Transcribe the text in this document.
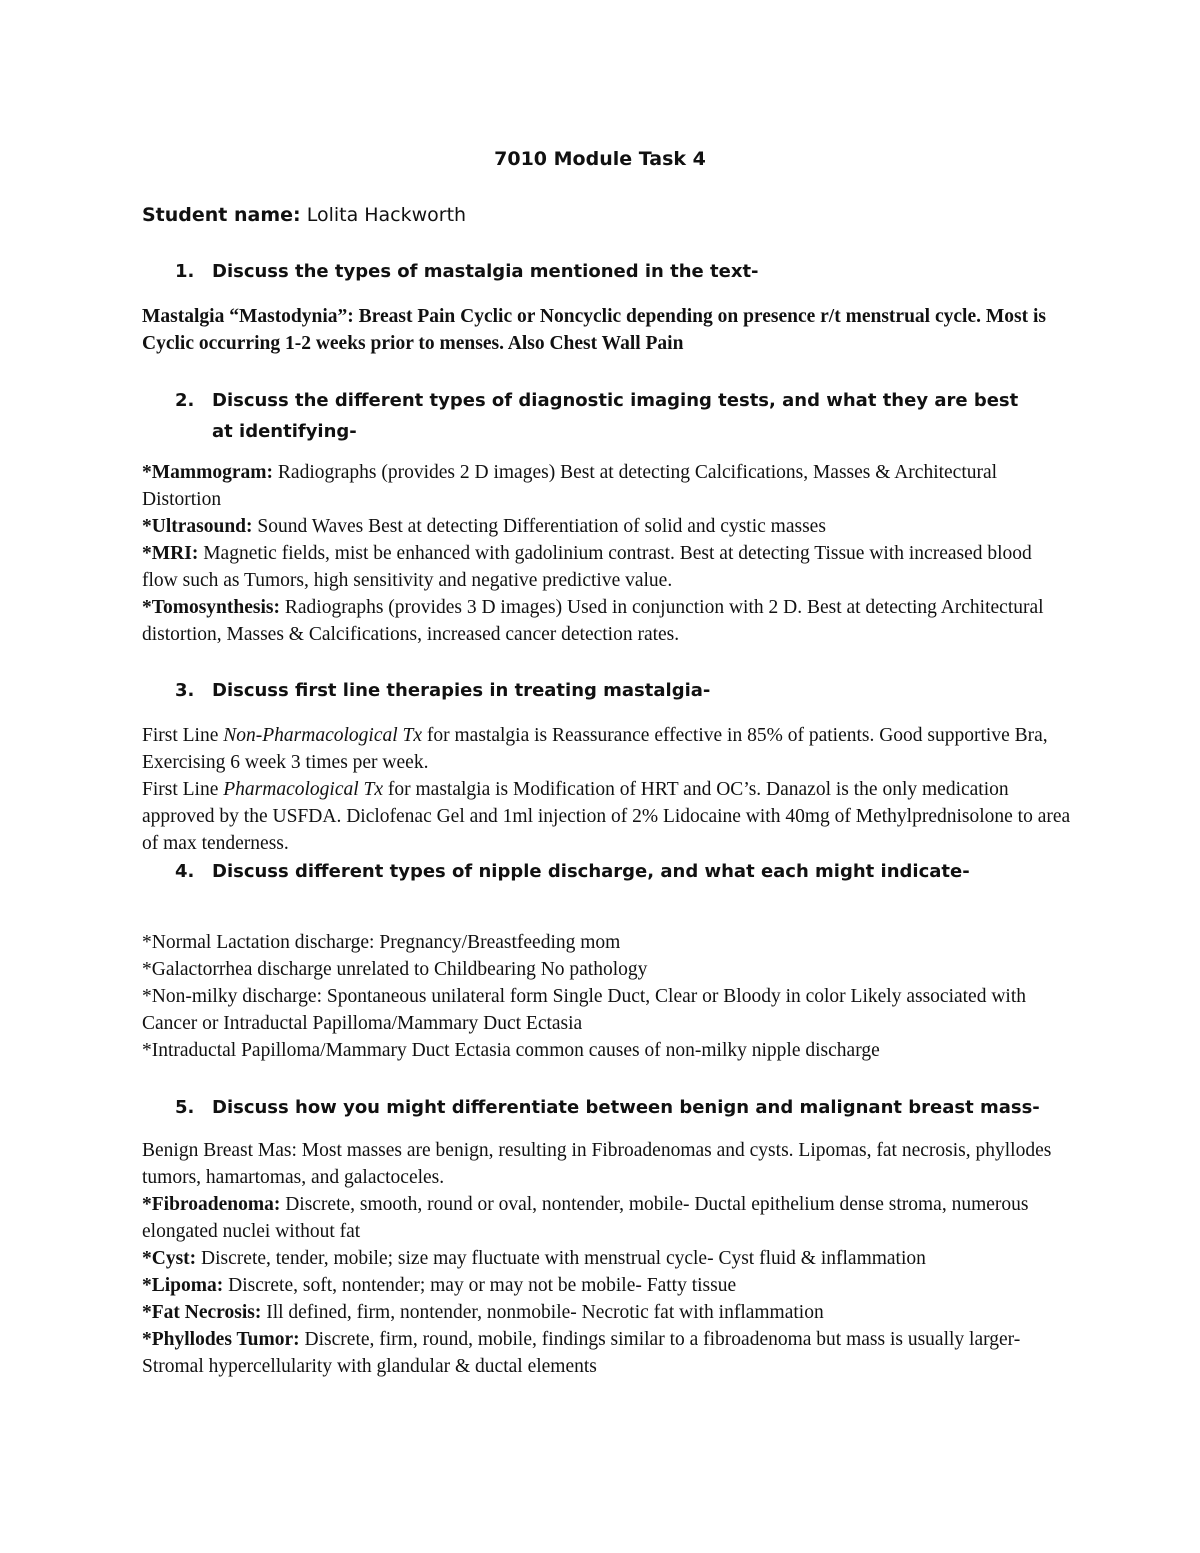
7010 Module Task 4
Student name: Lolita Hackworth
1. Discuss the types of mastalgia mentioned in the text-
Mastalgia “Mastodynia”: Breast Pain Cyclic or Noncyclic depending on presence r/t menstrual cycle. Most is Cyclic occurring 1-2 weeks prior to menses. Also Chest Wall Pain
2. Discuss the different types of diagnostic imaging tests, and what they are best at identifying-

*Mammogram: Radiographs (provides 2 D images) Best at detecting Calcifications, Masses & Architectural Distortion

*Ultrasound: Sound Waves Best at detecting Differentiation of solid and cystic masses

*MRI: Magnetic fields, mist be enhanced with gadolinium contrast. Best at detecting Tissue with increased blood flow such as Tumors, high sensitivity and negative predictive value.

*Tomosynthesis: Radiographs (provides 3 D images) Used in conjunction with 2 D. Best at detecting Architectural distortion, Masses & Calcifications, increased cancer detection rates.

3. Discuss first line therapies in treating mastalgia-

First Line Non-Pharmacological Tx for mastalgia is Reassurance effective in 85% of patients. Good supportive Bra, Exercising 6 week 3 times per week.

First Line Pharmacological Tx for mastalgia is Modification of HRT and OC’s. Danazol is the only medication approved by the USFDA. Diclofenac Gel and 1ml injection of 2% Lidocaine with 40mg of Methylprednisolone to area of max tenderness.

4. Discuss different types of nipple discharge, and what each might indicate-

*Normal Lactation discharge: Pregnancy/Breastfeeding mom

*Galactorrhea discharge unrelated to Childbearing No pathology

*Non-milky discharge: Spontaneous unilateral form Single Duct, Clear or Bloody in color Likely associated with Cancer or Intraductal Papilloma/Mammary Duct Ectasia

*Intraductal Papilloma/Mammary Duct Ectasia common causes of non-milky nipple discharge

5. Discuss how you might differentiate between benign and malignant breast mass-

Benign Breast Mas: Most masses are benign, resulting in Fibroadenomas and cysts. Lipomas, fat necrosis, phyllodes tumors, hamartomas, and galactoceles.

*Fibroadenoma: Discrete, smooth, round or oval, nontender, mobile- Ductal epithelium dense stroma, numerous elongated nuclei without fat

*Cyst: Discrete, tender, mobile; size may fluctuate with menstrual cycle- Cyst fluid & inflammation

*Lipoma: Discrete, soft, nontender; may or may not be mobile- Fatty tissue

*Fat Necrosis: Ill defined, firm, nontender, nonmobile- Necrotic fat with inflammation

*Phyllodes Tumor: Discrete, firm, round, mobile, findings similar to a fibroadenoma but mass is usually larger- Stromal hypercellularity with glandular & ductal elements
